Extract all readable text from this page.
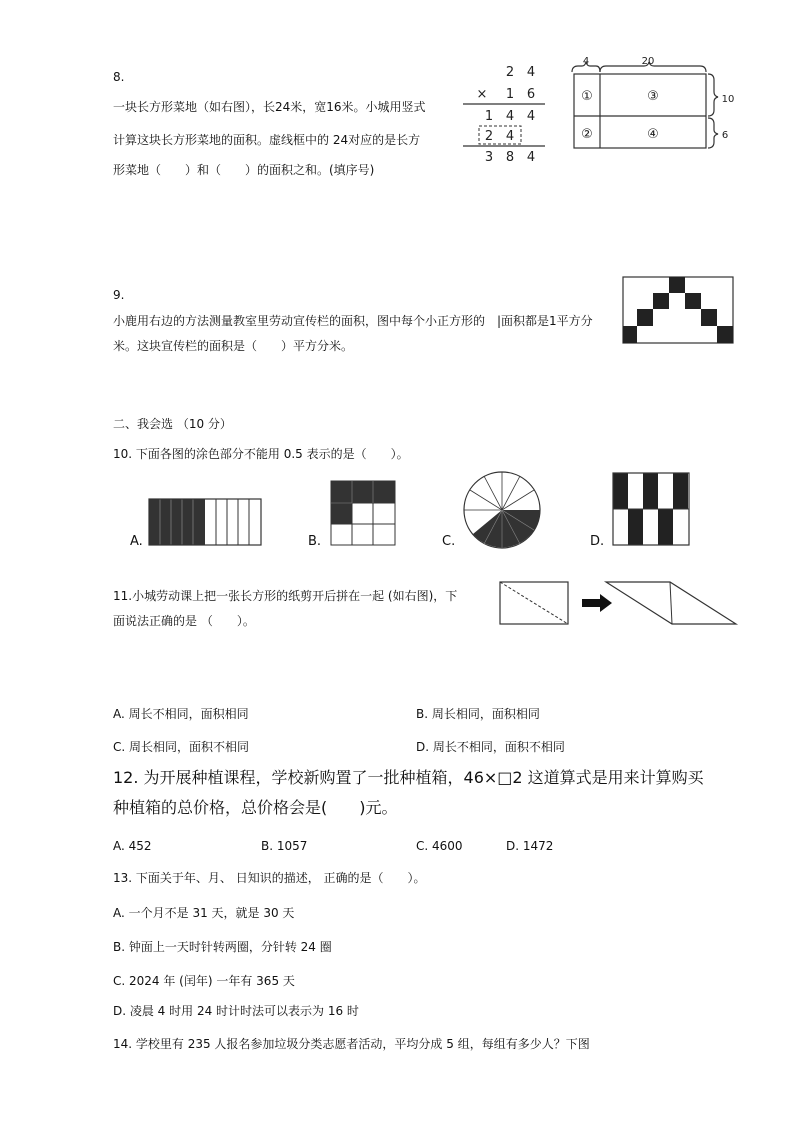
8.
一块长方形菜地（如右图），长24米，宽16米。小城用竖式
计算这块长方形菜地的面积。虚线框中的 24对应的是长方
形菜地（　　）和（　　）的面积之和。(填序号)
2 4
× 1 6
1 4 4
2 4
3 8 4
4	20
10
6
①	③
②	④
9.
小鹿用右边的方法测量教室里劳动宣传栏的面积，图中每个小正方形的　|面积都是1平方分
米。这块宣传栏的面积是（　　）平方分米。
二、我会选 （10 分）
10. 下面各图的涂色部分不能用 0.5 表示的是（　　）。
A.	B.	C.	D.
11.小城劳动课上把一张长方形的纸剪开后拼在一起 (如右图)，下
面说法正确的是 （　　）。
A. 周长不相同，面积相同	B. 周长相同，面积相同
C. 周长相同，面积不相同	D. 周长不相同，面积不相同
12. 为开展种植课程，学校新购置了一批种植箱，46×□2 这道算式是用来计算购买
种植箱的总价格，总价格会是(　　)元。
A. 452	B. 1057	C. 4600	D. 1472
13. 下面关于年、月、 日知识的描述， 正确的是（　　）。
A. 一个月不是 31 天，就是 30 天
B. 钟面上一天时针转两圈，分针转 24 圈
C. 2024 年 (闰年) 一年有 365 天
D. 凌晨 4 时用 24 时计时法可以表示为 16 时
14. 学校里有 235 人报名参加垃圾分类志愿者活动，平均分成 5 组，每组有多少人？下图
